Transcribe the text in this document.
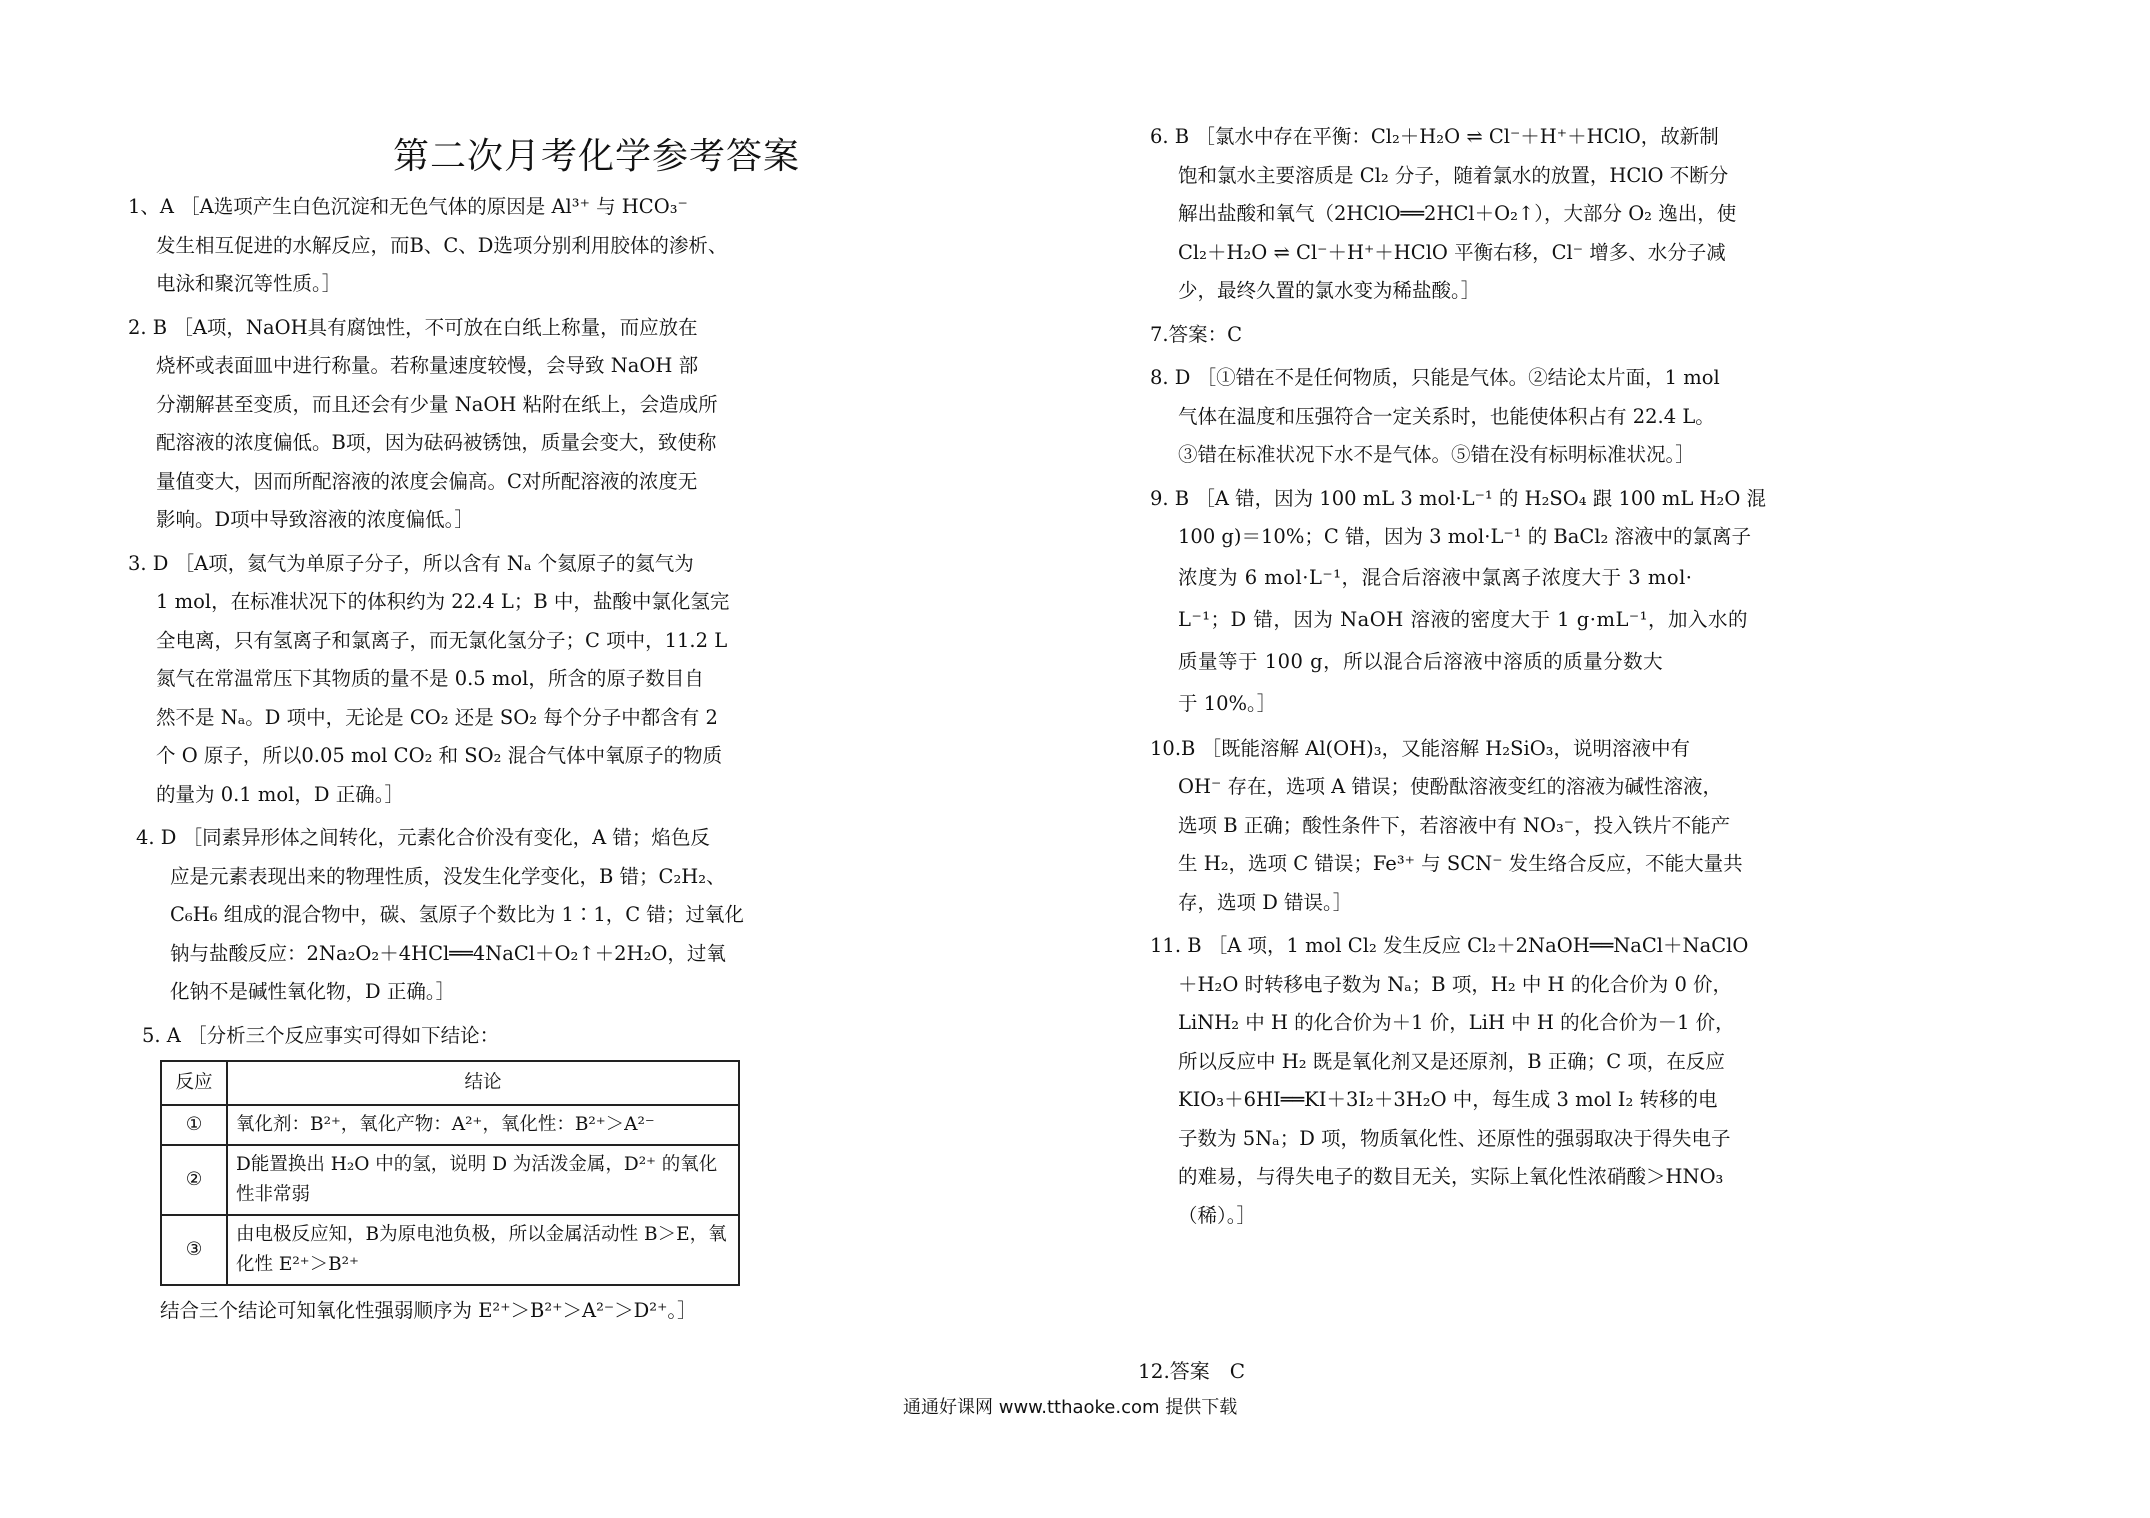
第二次月考化学参考答案

1、A ［A选项产生白色沉淀和无色气体的原因是 Al³⁺ 与 HCO₃⁻

发生相互促进的水解反应，而B、C、D选项分别利用胶体的渗析、

电泳和聚沉等性质。］

2. B ［A项，NaOH具有腐蚀性，不可放在白纸上称量，而应放在

烧杯或表面皿中进行称量。若称量速度较慢，会导致 NaOH 部

分潮解甚至变质，而且还会有少量 NaOH 粘附在纸上，会造成所

配溶液的浓度偏低。B项，因为砝码被锈蚀，质量会变大，致使称

量值变大，因而所配溶液的浓度会偏高。C对所配溶液的浓度无

影响。D项中导致溶液的浓度偏低。］

3. D ［A项，氦气为单原子分子，所以含有 Nₐ 个氦原子的氦气为

1 mol，在标准状况下的体积约为 22.4 L；B 中，盐酸中氯化氢完

全电离，只有氢离子和氯离子，而无氯化氢分子；C 项中，11.2 L

氮气在常温常压下其物质的量不是 0.5 mol，所含的原子数目自

然不是 Nₐ。D 项中，无论是 CO₂ 还是 SO₂ 每个分子中都含有 2

个 O 原子，所以0.05 mol CO₂ 和 SO₂ 混合气体中氧原子的物质

的量为 0.1 mol，D 正确。］

4. D ［同素异形体之间转化，元素化合价没有变化，A 错；焰色反

应是元素表现出来的物理性质，没发生化学变化，B 错；C₂H₂、

C₆H₆ 组成的混合物中，碳、氢原子个数比为 1∶1，C 错；过氧化

钠与盐酸反应：2Na₂O₂＋4HCl══4NaCl＋O₂↑＋2H₂O，过氧

化钠不是碱性氧化物，D 正确。］

5. A ［分析三个反应事实可得如下结论：

反应	结论
①	氧化剂：B²⁺，氧化产物：A²⁺，氧化性：B²⁺＞A²⁻
②	D能置换出 H₂O 中的氢，说明 D 为活泼金属，D²⁺ 的氧化性非常弱
③	由电极反应知，B为原电池负极，所以金属活动性 B＞E，氧化性 E²⁺＞B²⁺

结合三个结论可知氧化性强弱顺序为 E²⁺＞B²⁺＞A²⁻＞D²⁺。］

6. B ［氯水中存在平衡：Cl₂＋H₂O ⇌ Cl⁻＋H⁺＋HClO，故新制

饱和氯水主要溶质是 Cl₂ 分子，随着氯水的放置，HClO 不断分

解出盐酸和氧气（2HClO══2HCl＋O₂↑），大部分 O₂ 逸出，使

Cl₂＋H₂O ⇌ Cl⁻＋H⁺＋HClO 平衡右移，Cl⁻ 增多、水分子减

少，最终久置的氯水变为稀盐酸。］

7.答案：C

8. D ［①错在不是任何物质，只能是气体。②结论太片面，1 mol

气体在温度和压强符合一定关系时，也能使体积占有 22.4 L。

③错在标准状况下水不是气体。⑤错在没有标明标准状况。］

9. B ［A 错，因为 100 mL 3 mol·L⁻¹ 的 H₂SO₄ 跟 100 mL H₂O 混

100 g)＝10%；C 错，因为 3 mol·L⁻¹ 的 BaCl₂ 溶液中的氯离子

浓度为 6 mol·L⁻¹，混合后溶液中氯离子浓度大于 3 mol·

L⁻¹；D 错，因为 NaOH 溶液的密度大于 1 g·mL⁻¹，加入水的

质量等于 100 g，所以混合后溶液中溶质的质量分数大

于 10%。］

10.B ［既能溶解 Al(OH)₃，又能溶解 H₂SiO₃，说明溶液中有

OH⁻ 存在，选项 A 错误；使酚酞溶液变红的溶液为碱性溶液，

选项 B 正确；酸性条件下，若溶液中有 NO₃⁻，投入铁片不能产

生 H₂，选项 C 错误；Fe³⁺ 与 SCN⁻ 发生络合反应，不能大量共

存，选项 D 错误。］

11. B ［A 项，1 mol Cl₂ 发生反应 Cl₂＋2NaOH══NaCl＋NaClO

＋H₂O 时转移电子数为 Nₐ；B 项，H₂ 中 H 的化合价为 0 价，

LiNH₂ 中 H 的化合价为＋1 价，LiH 中 H 的化合价为－1 价，

所以反应中 H₂ 既是氧化剂又是还原剂，B 正确；C 项，在反应

KIO₃＋6HI══KI＋3I₂＋3H₂O 中，每生成 3 mol I₂ 转移的电

子数为 5Nₐ；D 项，物质氧化性、还原性的强弱取决于得失电子

的难易，与得失电子的数目无关，实际上氧化性浓硝酸＞HNO₃

（稀）。］

12.答案　C
通通好课网 www.tthaoke.com 提供下载
